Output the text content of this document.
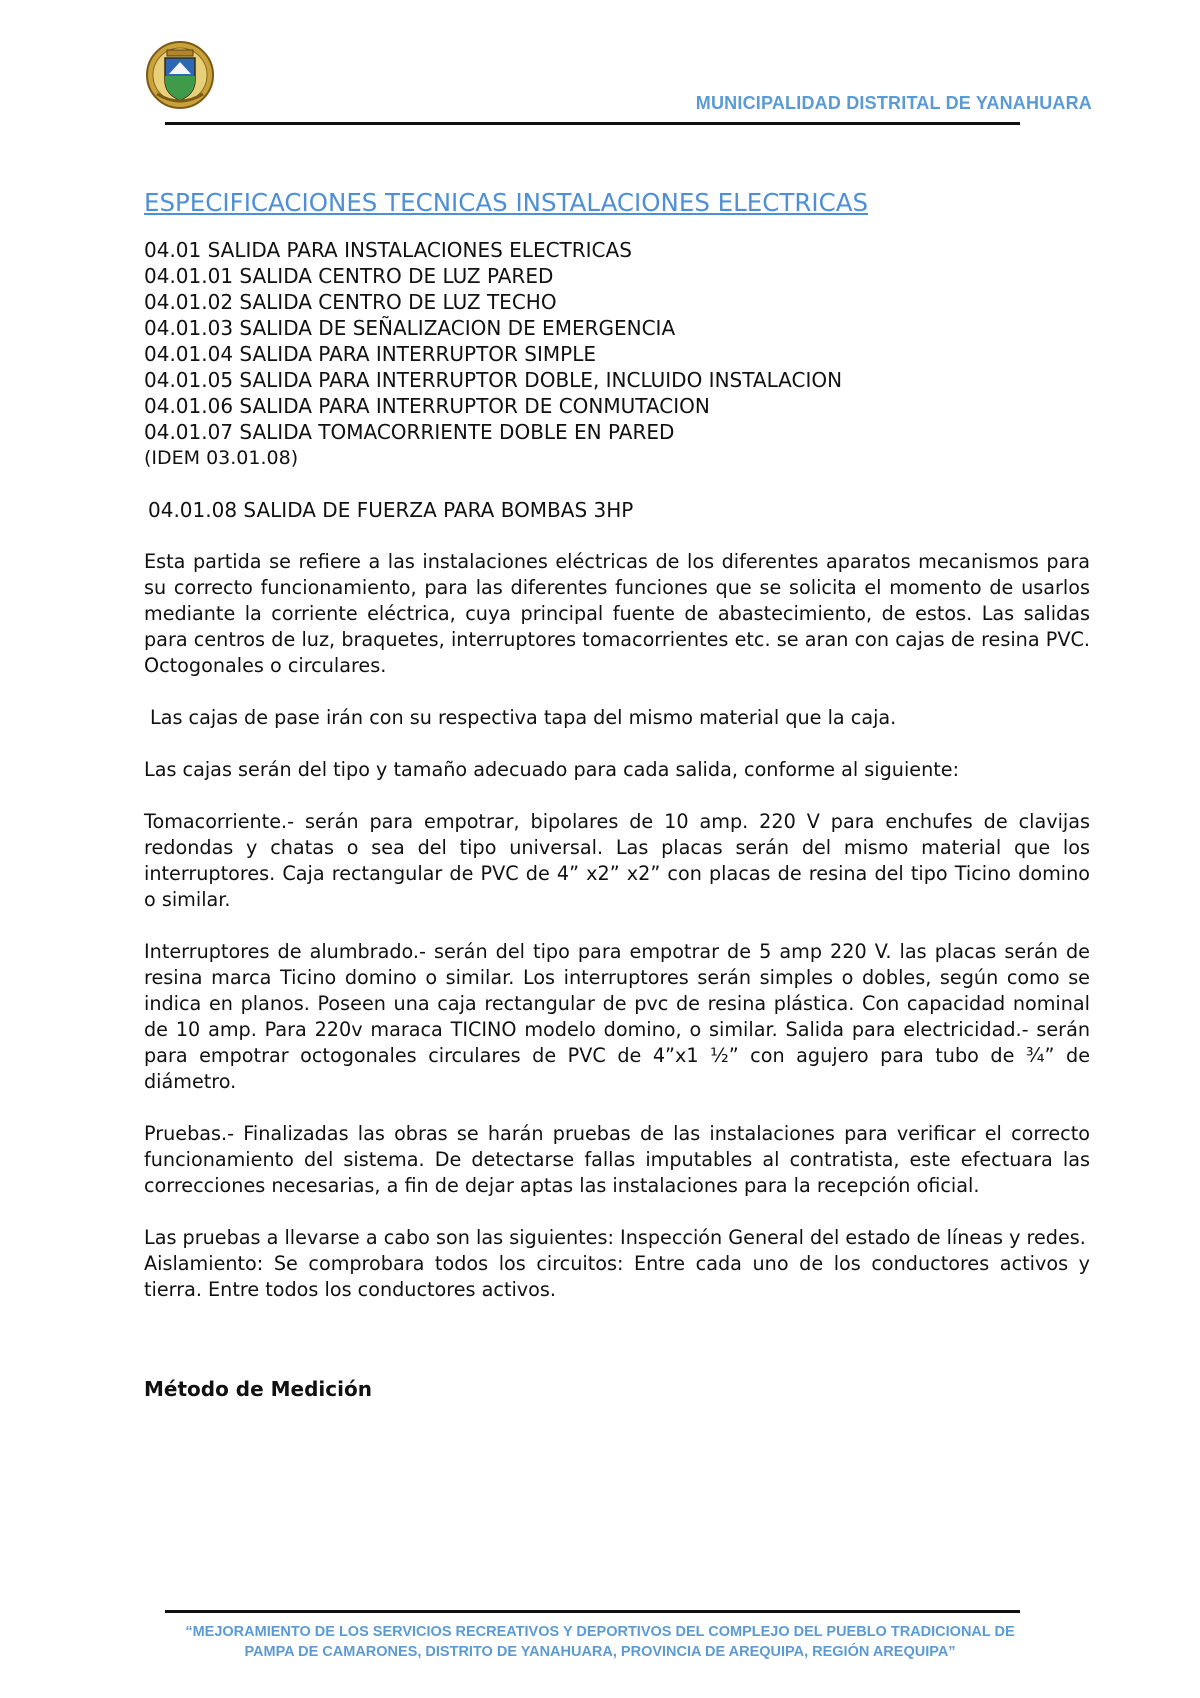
MUNICIPALIDAD DISTRITAL DE YANAHUARA
ESPECIFICACIONES TECNICAS INSTALACIONES ELECTRICAS

04.01 SALIDA PARA INSTALACIONES ELECTRICAS

04.01.01 SALIDA CENTRO DE LUZ PARED

04.01.02 SALIDA CENTRO DE LUZ TECHO

04.01.03 SALIDA DE SEÑALIZACION DE EMERGENCIA

04.01.04 SALIDA PARA INTERRUPTOR SIMPLE

04.01.05 SALIDA PARA INTERRUPTOR DOBLE, INCLUIDO INSTALACION

04.01.06 SALIDA PARA INTERRUPTOR DE CONMUTACION

04.01.07 SALIDA TOMACORRIENTE DOBLE EN PARED

(IDEM 03.01.08)

04.01.08 SALIDA DE FUERZA PARA BOMBAS 3HP

Esta partida se refiere a las instalaciones eléctricas de los diferentes aparatos mecanismos para su correcto funcionamiento, para las diferentes funciones que se solicita el momento de usarlos mediante la corriente eléctrica, cuya principal fuente de abastecimiento, de estos. Las salidas para centros de luz, braquetes, interruptores tomacorrientes etc. se aran con cajas de resina PVC. Octogonales o circulares.

Las cajas de pase irán con su respectiva tapa del mismo material que la caja.

Las cajas serán del tipo y tamaño adecuado para cada salida, conforme al siguiente:

Tomacorriente.- serán para empotrar, bipolares de 10 amp. 220 V para enchufes de clavijas redondas y chatas o sea del tipo universal. Las placas serán del mismo material que los interruptores. Caja rectangular de PVC de 4” x2” x2” con placas de resina del tipo Ticino domino o similar.

Interruptores de alumbrado.- serán del tipo para empotrar de 5 amp 220 V. las placas serán de resina marca Ticino domino o similar. Los interruptores serán simples o dobles, según como se indica en planos. Poseen una caja rectangular de pvc de resina plástica. Con capacidad nominal de 10 amp. Para 220v maraca TICINO modelo domino, o similar. Salida para electricidad.- serán para empotrar octogonales circulares de PVC de 4”x1 ½” con agujero para tubo de ¾” de diámetro.

Pruebas.- Finalizadas las obras se harán pruebas de las instalaciones para verificar el correcto funcionamiento del sistema. De detectarse fallas imputables al contratista, este efectuara las correcciones necesarias, a fin de dejar aptas las instalaciones para la recepción oficial.

Las pruebas a llevarse a cabo son las siguientes: Inspección General del estado de líneas y redes.

Aislamiento: Se comprobara todos los circuitos: Entre cada uno de los conductores activos y tierra. Entre todos los conductores activos.

Método de Medición

“MEJORAMIENTO DE LOS SERVICIOS RECREATIVOS Y DEPORTIVOS DEL COMPLEJO DEL PUEBLO TRADICIONAL DE
PAMPA DE CAMARONES, DISTRITO DE YANAHUARA, PROVINCIA DE AREQUIPA, REGIÓN AREQUIPA”
